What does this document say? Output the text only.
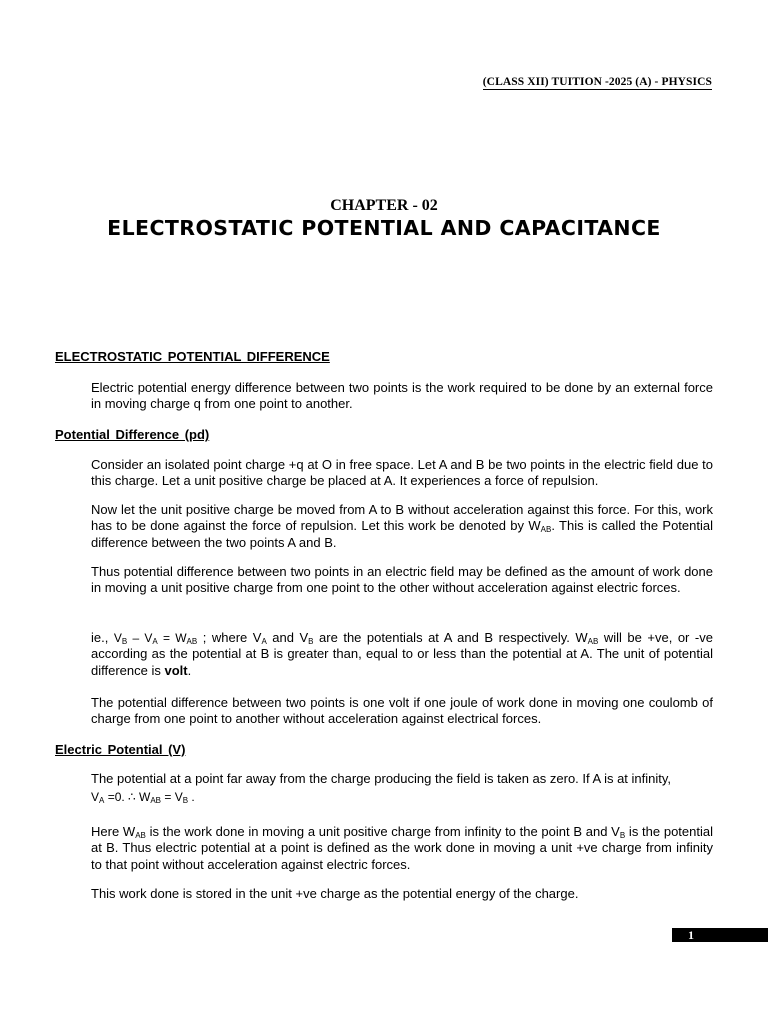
(CLASS XII) TUITION -2025 (A) - PHYSICS
CHAPTER - 02
ELECTROSTATIC POTENTIAL AND CAPACITANCE
ELECTROSTATIC POTENTIAL DIFFERENCE
Electric potential energy difference between two points is the work required to be done by an external force in moving charge q from one point to another.
Potential Difference (pd)
Consider an isolated point charge +q at O in free space. Let A and B be two points in the electric field due to this charge. Let a unit positive charge be placed at A. It experiences a force of repulsion.
Now let the unit positive charge be moved from A to B without acceleration against this force. For this, work has to be done against the force of repulsion. Let this work be denoted by $W_{AB}$. This is called the Potential difference between the two points A and B.
Thus potential difference between two points in an electric field may be defined as the amount of work done in moving a unit positive charge from one point to the other without acceleration against electric forces.
ie., $V_B - V_A = W_{AB}$ ; where $V_A$ and $V_B$ are the potentials at A and B respectively. $W_{AB}$ will be +ve, or -ve according as the potential at B is greater than, equal to or less than the potential at A. The unit of potential difference is volt.
The potential difference between two points is one volt if one joule of work done in moving one coulomb of charge from one point to another without acceleration against electrical forces.
Electric Potential (V)
The potential at a point far away from the charge producing the field is taken as zero. If A is at infinity,
$V_A =0$. ∴ $W_{AB} = V_B$ .
Here $W_{AB}$ is the work done in moving a unit positive charge from infinity to the point B and $V_B$ is the potential at B. Thus electric potential at a point is defined as the work done in moving a unit +ve charge from infinity to that point without acceleration against electric forces.
This work done is stored in the unit +ve charge as the potential energy of the charge.
1
